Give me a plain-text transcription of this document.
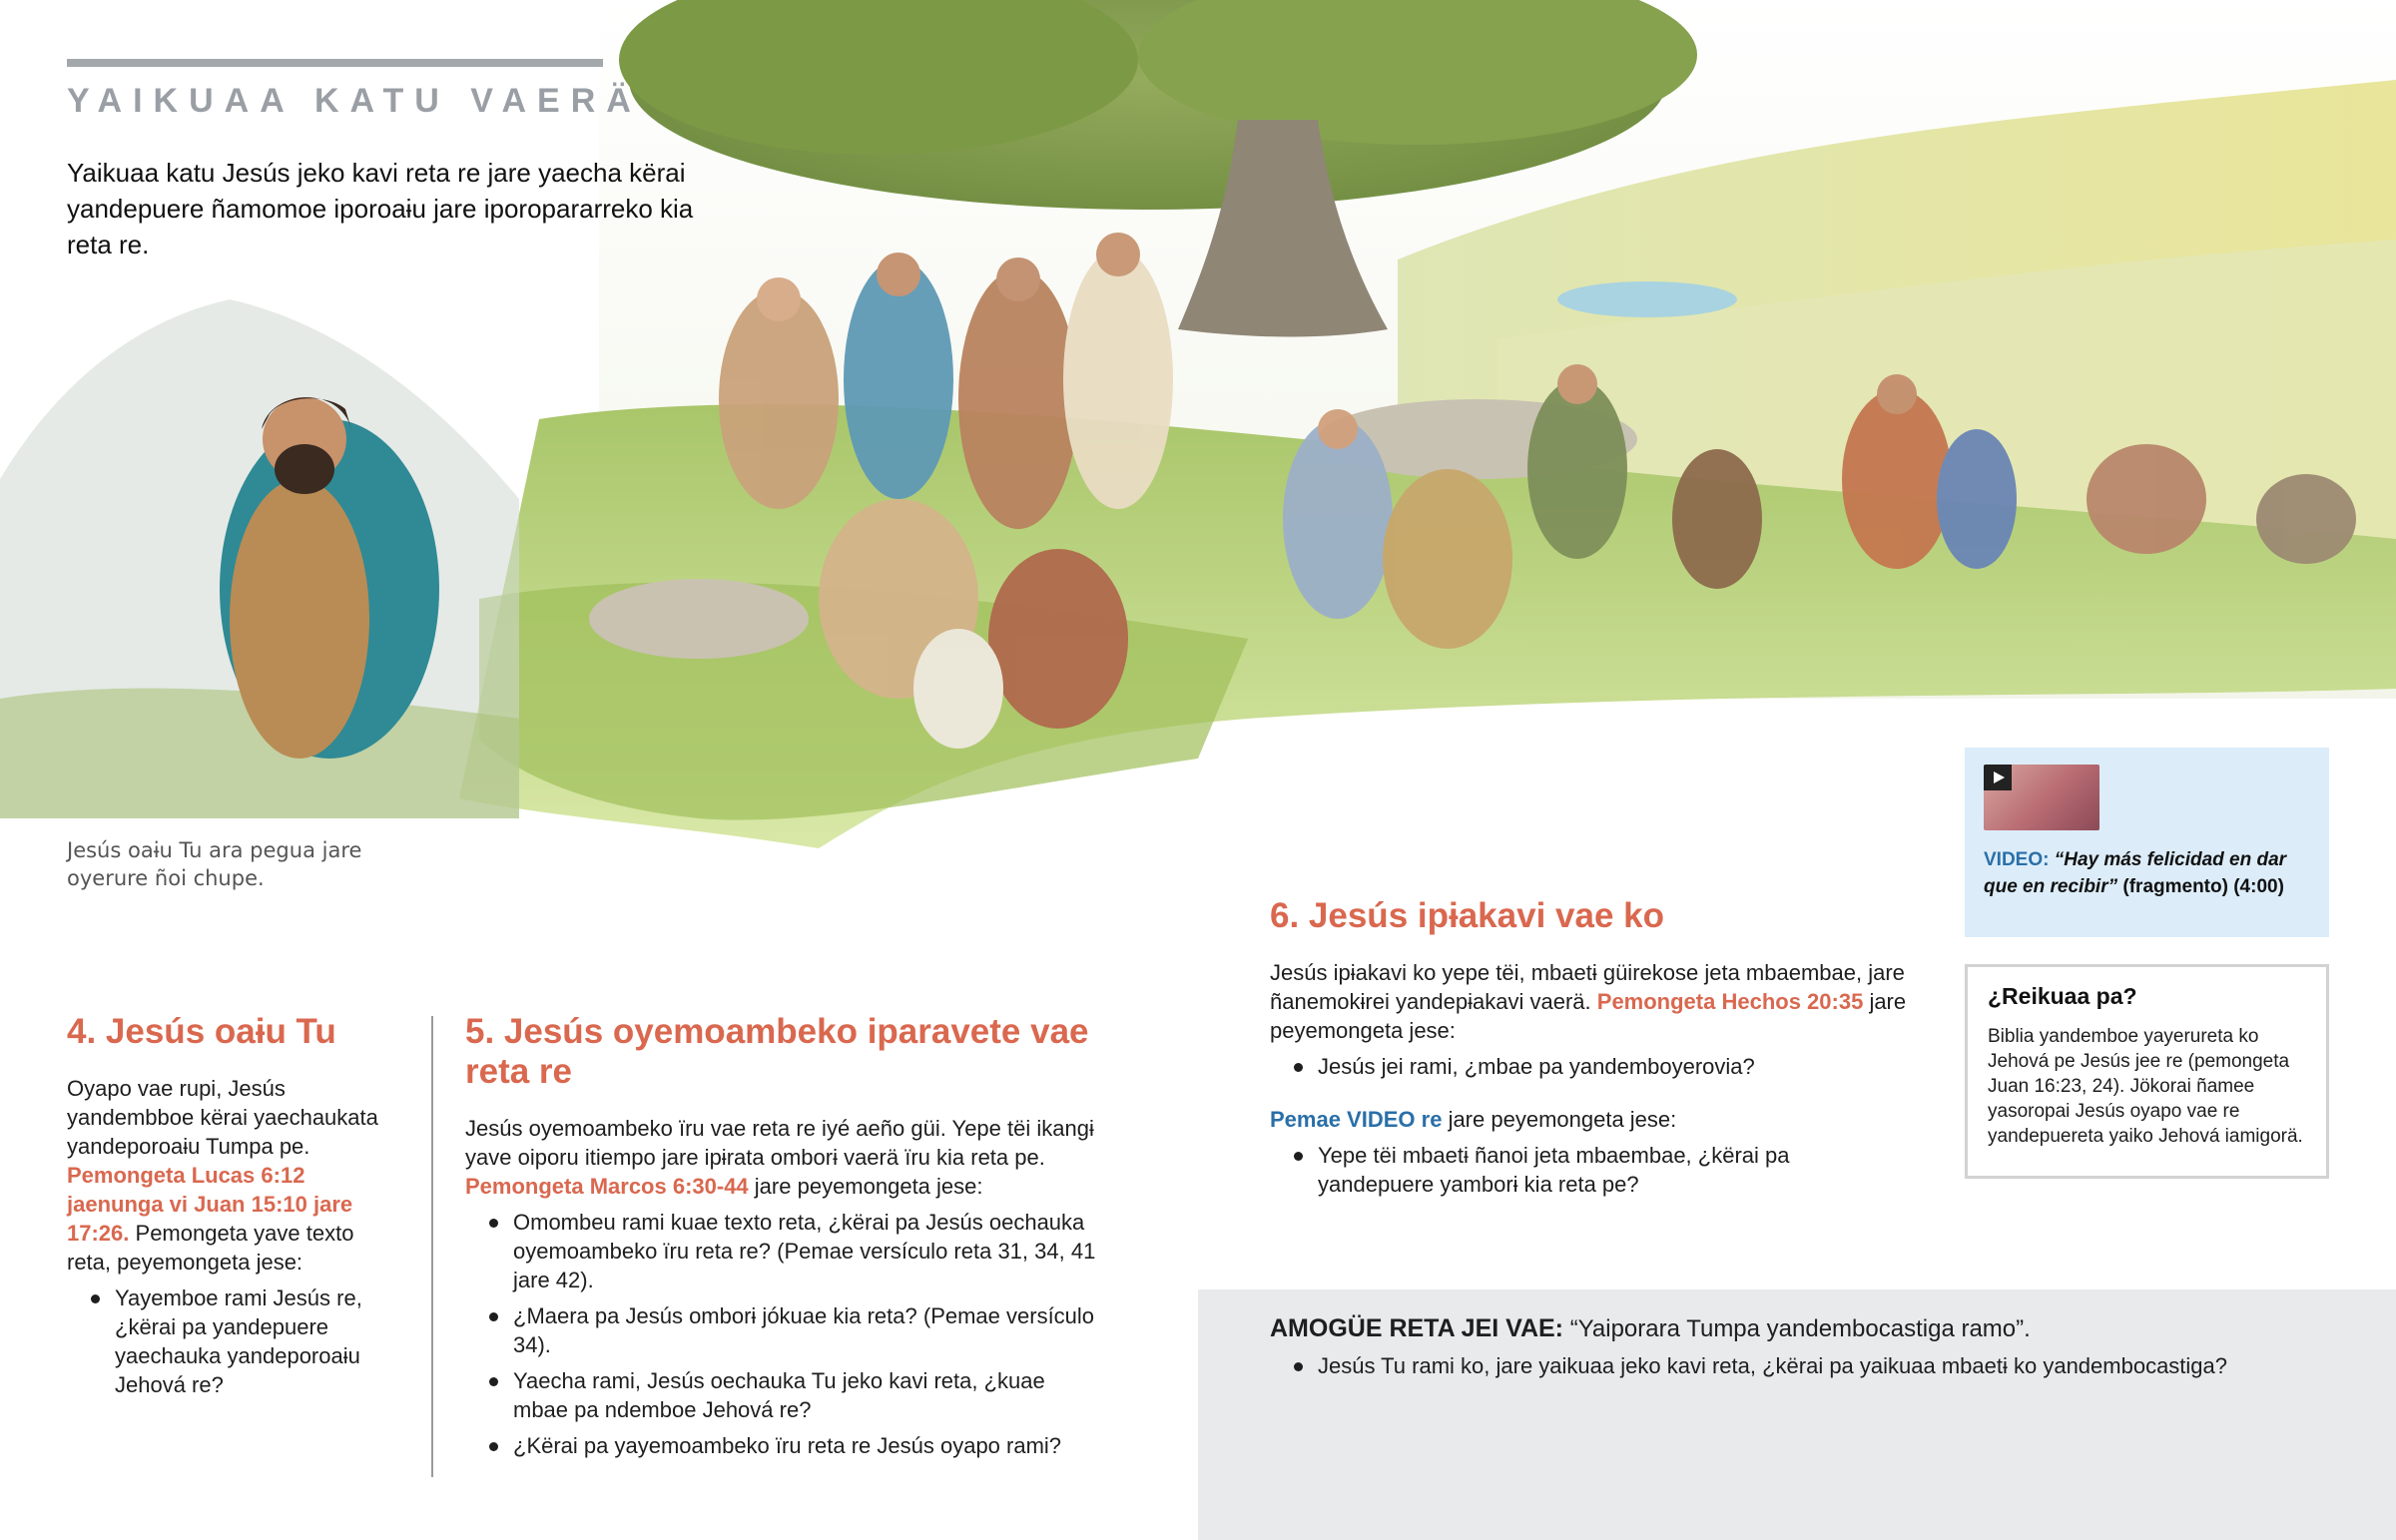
YAIKUAA KATU VAERÄ

Yaikuaa katu Jesús jeko kavi reta re jare yaecha kërai yandepuere ñamomoe iporoaɨu jare iporopararreko kia reta re.

Jesús oaɨu Tu ara pegua jare oyerure ñoi chupe.

4. Jesús oaɨu Tu

Oyapo vae rupi, Jesús yandembboe kërai yaechaukata yandeporoaɨu Tumpa pe. Pemongeta Lucas 6:12 jaenunga vi Juan 15:10 jare 17:26. Pemongeta yave texto reta, peyemongeta jese:

Yayemboe rami Jesús re, ¿kërai pa yandepuere yaechauka yandeporoaɨu Jehová re?
5. Jesús oyemoambeko iparavete vae reta re

Jesús oyemoambeko ïru vae reta re iyé aeño güi. Yepe tëi ikangɨ yave oiporu itiempo jare ipɨrata omborɨ vaerä ïru kia reta pe. Pemongeta Marcos 6:30-44 jare peyemongeta jese:

Omombeu rami kuae texto reta, ¿kërai pa Jesús oechauka oyemoambeko ïru reta re? (Pemae versículo reta 31, 34, 41 jare 42).
¿Maera pa Jesús omborɨ jókuae kia reta? (Pemae versículo 34).
Yaecha rami, Jesús oechauka Tu jeko kavi reta, ¿kuae mbae pa ndemboe Jehová re?
¿Kërai pa yayemoambeko ïru reta re Jesús oyapo rami?
6. Jesús ipɨakavi vae ko

Jesús ipɨakavi ko yepe tëi, mbaetɨ güirekose jeta mbaembae, jare ñanemokɨrei yandepɨakavi vaerä. Pemongeta Hechos 20:35 jare peyemongeta jese:

Jesús jei rami, ¿mbae pa yandemboyerovia?

Pemae VIDEO re jare peyemongeta jese:

Yepe tëi mbaetɨ ñanoi jeta mbaembae, ¿kërai pa yandepuere yamborɨ kia reta pe?

VIDEO: “Hay más felicidad en dar que en recibir” (fragmento) (4:00)

¿Reikuaa pa?

Biblia yandemboe yayerureta ko Jehová pe Jesús jee re (pemongeta Juan 16:23, 24). Jökorai ñamee yasoropai Jesús oyapo vae re yandepuereta yaiko Jehová iamigorä.

AMOGÜE RETA JEI VAE: “Yaiporara Tumpa yandembocastiga ramo”.

Jesús Tu rami ko, jare yaikuaa jeko kavi reta, ¿kërai pa yaikuaa mbaetɨ ko yandembocastiga?
